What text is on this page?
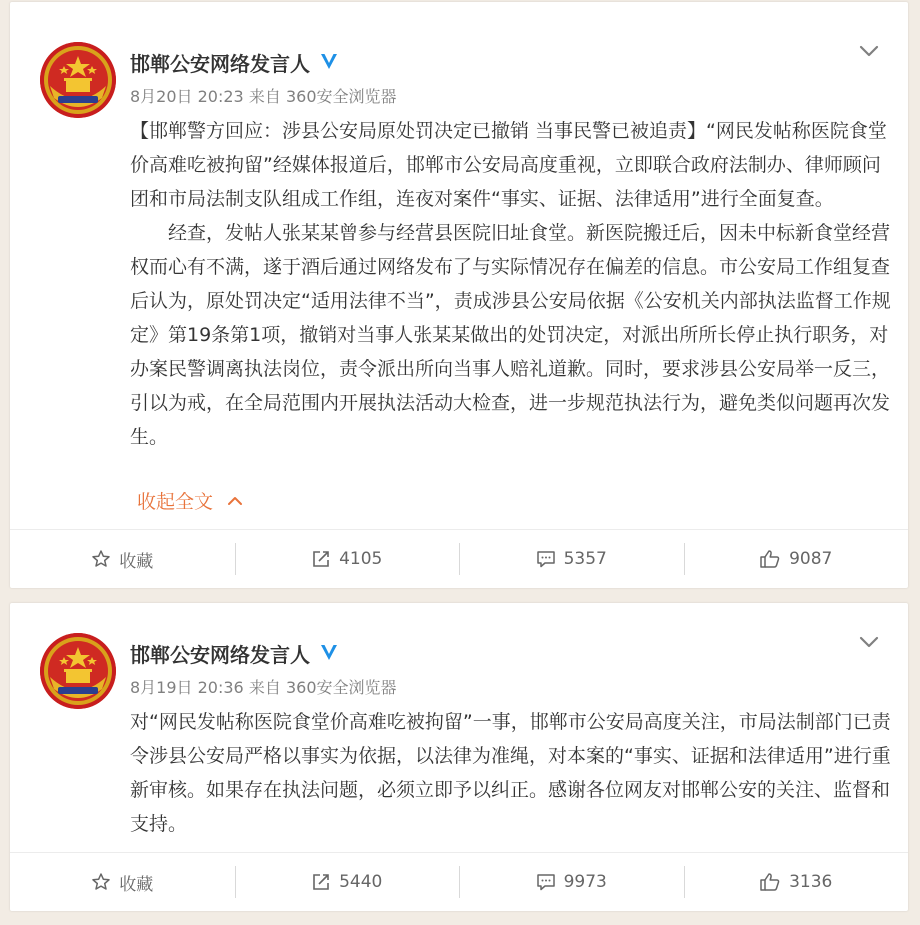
邯郸公安网络发言人
8月20日 20:23 来自 360安全浏览器

【邯郸警方回应：涉县公安局原处罚决定已撤销 当事民警已被追责】“网民发帖称医院食堂价高难吃被拘留”经媒体报道后，邯郸市公安局高度重视，立即联合政府法制办、律师顾问团和市局法制支队组成工作组，连夜对案件“事实、证据、法律适用”进行全面复查。

经查，发帖人张某某曾参与经营县医院旧址食堂。新医院搬迁后，因未中标新食堂经营权而心有不满，遂于酒后通过网络发布了与实际情况存在偏差的信息。市公安局工作组复查后认为，原处罚决定“适用法律不当”，责成涉县公安局依据《公安机关内部执法监督工作规定》第19条第1项，撤销对当事人张某某做出的处罚决定，对派出所所长停止执行职务，对办案民警调离执法岗位，责令派出所向当事人赔礼道歉。同时，要求涉县公安局举一反三，引以为戒，在全局范围内开展执法活动大检查，进一步规范执法行为，避免类似问题再次发生。

收起全文
收藏	4105	5357	9087
邯郸公安网络发言人
8月19日 20:36 来自 360安全浏览器

对“网民发帖称医院食堂价高难吃被拘留”一事，邯郸市公安局高度关注，市局法制部门已责令涉县公安局严格以事实为依据，以法律为准绳，对本案的“事实、证据和法律适用”进行重新审核。如果存在执法问题，必须立即予以纠正。感谢各位网友对邯郸公安的关注、监督和支持。

收藏	5440	9973	3136
